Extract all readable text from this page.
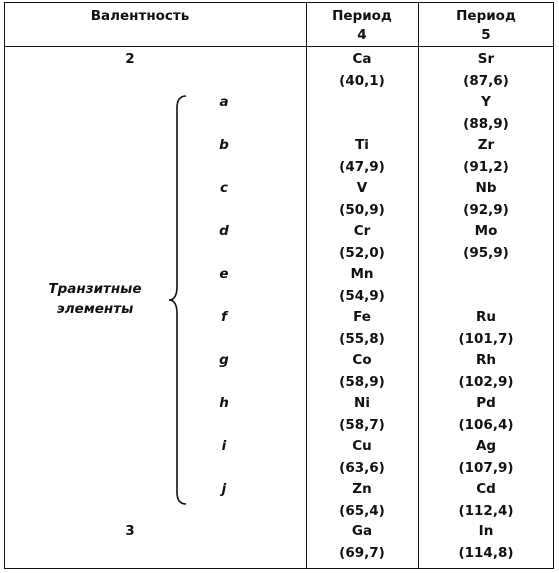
Валентность	Период
4
Период
5
2
3
Транзитные
элементы
a
b
c
d
e
f
g
h
i
j
Ca
(40,1)
Ti
(47,9)
V
(50,9)
Cr
(52,0)
Mn
(54,9)
Fe
(55,8)
Co
(58,9)
Ni
(58,7)
Cu
(63,6)
Zn
(65,4)
Ga
(69,7)
Sr
(87,6)
Y
(88,9)
Zr
(91,2)
Nb
(92,9)
Mo
(95,9)
Ru
(101,7)
Rh
(102,9)
Pd
(106,4)
Ag
(107,9)
Cd
(112,4)
In
(114,8)
